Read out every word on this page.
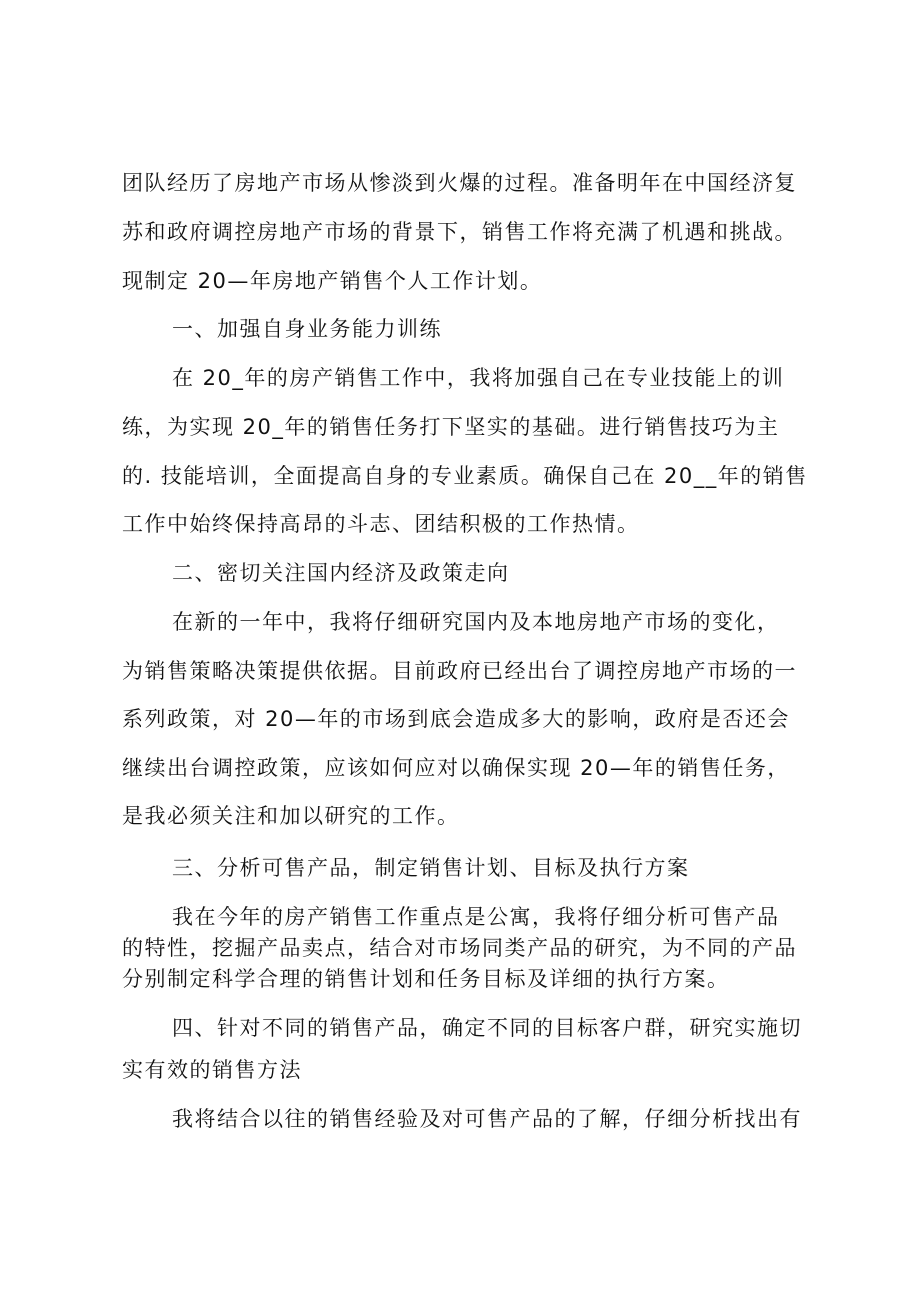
团队经历了房地产市场从惨淡到火爆的过程。准备明年在中国经济复
苏和政府调控房地产市场的背景下，销售工作将充满了机遇和挑战。
现制定 20—年房地产销售个人工作计划。
一、加强自身业务能力训练
在 20_年的房产销售工作中，我将加强自己在专业技能上的训
练，为实现 20_年的销售任务打下坚实的基础。进行销售技巧为主
的. 技能培训，全面提高自身的专业素质。确保自己在 20__年的销售
工作中始终保持高昂的斗志、团结积极的工作热情。
二、密切关注国内经济及政策走向
在新的一年中，我将仔细研究国内及本地房地产市场的变化，
为销售策略决策提供依据。目前政府已经出台了调控房地产市场的一
系列政策，对 20—年的市场到底会造成多大的影响，政府是否还会
继续出台调控政策，应该如何应对以确保实现 20—年的销售任务，
是我必须关注和加以研究的工作。
三、分析可售产品，制定销售计划、目标及执行方案
我在今年的房产销售工作重点是公寓，我将仔细分析可售产品
的特性，挖掘产品卖点，结合对市场同类产品的研究，为不同的产品
分别制定科学合理的销售计划和任务目标及详细的执行方案。
四、针对不同的销售产品，确定不同的目标客户群，研究实施切
实有效的销售方法
我将结合以往的销售经验及对可售产品的了解，仔细分析找出有
